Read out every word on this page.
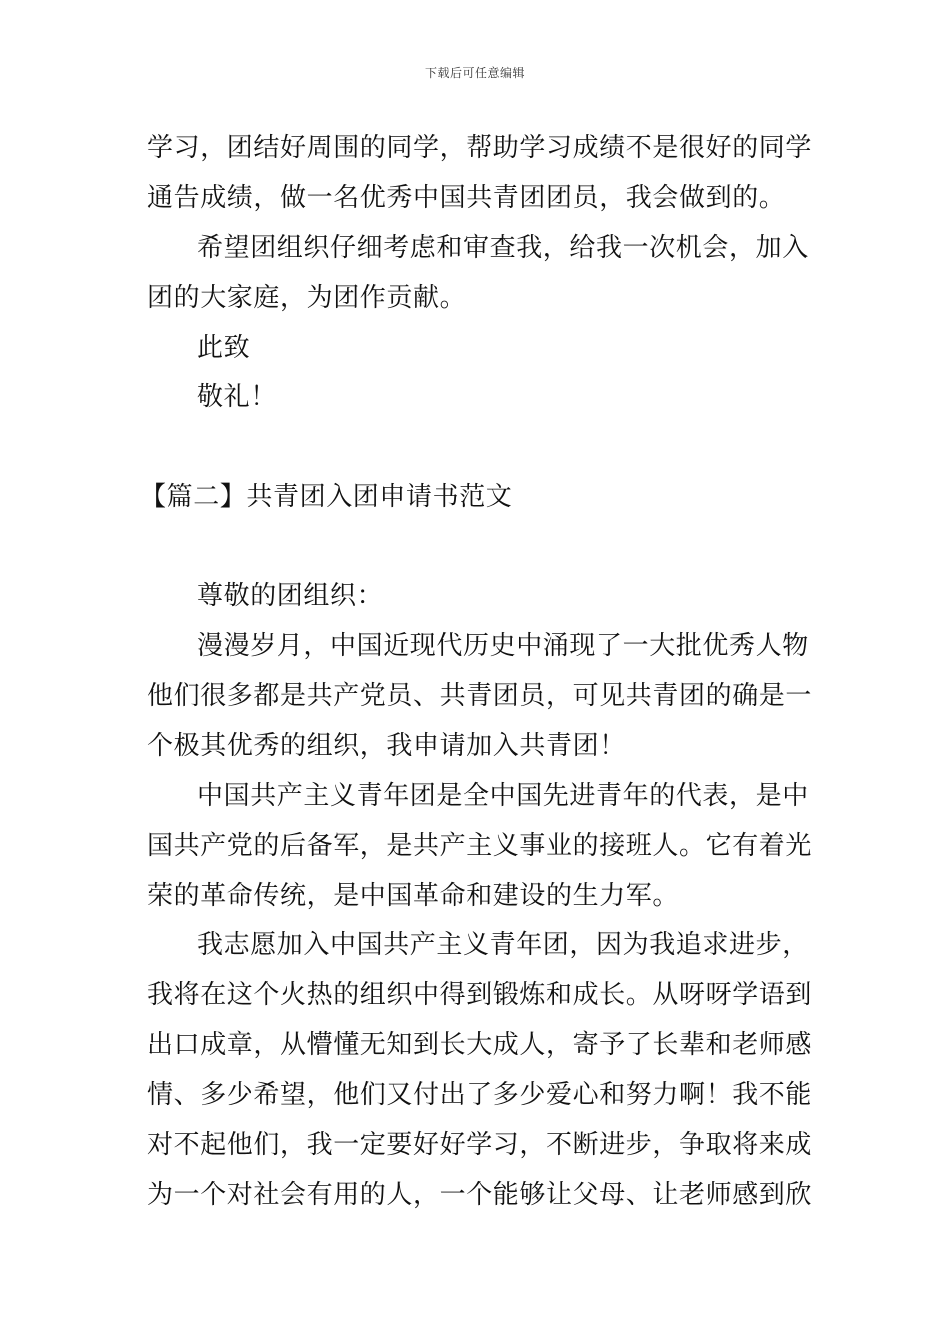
下载后可任意编辑
学习，团结好周围的同学，帮助学习成绩不是很好的同学
通告成绩，做一名优秀中国共青团团员，我会做到的。
希望团组织仔细考虑和审查我，给我一次机会，加入
团的大家庭，为团作贡献。
此致
敬礼！
【篇二】共青团入团申请书范文
尊敬的团组织：
漫漫岁月，中国近现代历史中涌现了一大批优秀人物
他们很多都是共产党员、共青团员，可见共青团的确是一
个极其优秀的组织，我申请加入共青团！
中国共产主义青年团是全中国先进青年的代表，是中
国共产党的后备军，是共产主义事业的接班人。它有着光
荣的革命传统，是中国革命和建设的生力军。
我志愿加入中国共产主义青年团，因为我追求进步，
我将在这个火热的组织中得到锻炼和成长。从呀呀学语到
出口成章，从懵懂无知到长大成人，寄予了长辈和老师感
情、多少希望，他们又付出了多少爱心和努力啊！我不能
对不起他们，我一定要好好学习，不断进步，争取将来成
为一个对社会有用的人，一个能够让父母、让老师感到欣
